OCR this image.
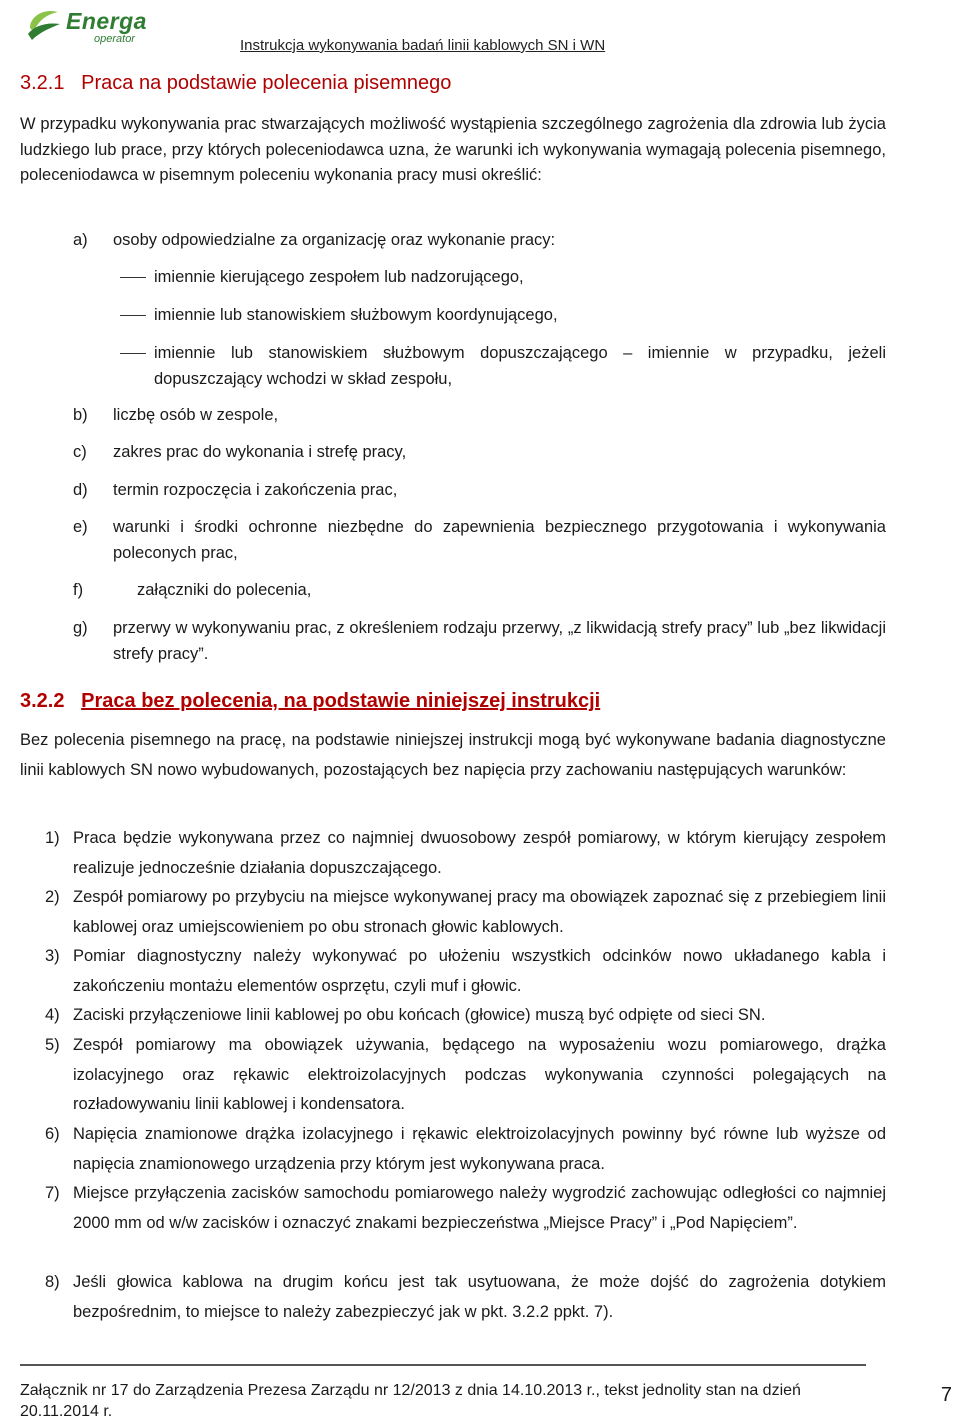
Energa
operator	Instrukcja wykonywania badań linii kablowych SN i WN
3.2.1 Praca na podstawie polecenia pisemnego

W przypadku wykonywania prac stwarzających możliwość wystąpienia szczególnego zagrożenia dla zdrowia lub życia ludzkiego lub prace, przy których poleceniodawca uzna, że warunki ich wykonywania wymagają polecenia pisemnego, poleceniodawca w pisemnym poleceniu wykonania pracy musi określić:

a) osoby odpowiedzialne za organizację oraz wykonanie pracy:
imiennie kierującego zespołem lub nadzorującego,
imiennie lub stanowiskiem służbowym koordynującego,
imiennie lub stanowiskiem służbowym dopuszczającego – imiennie w przypadku, jeżeli dopuszczający wchodzi w skład zespołu,
b) liczbę osób w zespole,
c) zakres prac do wykonania i strefę pracy,
d) termin rozpoczęcia i zakończenia prac,
e) warunki i środki ochronne niezbędne do zapewnienia bezpiecznego przygotowania i wykonywania poleconych prac,
f)	załączniki do polecenia,
g) przerwy w wykonywaniu prac, z określeniem rodzaju przerwy, „z likwidacją strefy pracy” lub „bez likwidacji strefy pracy”.
3.2.2 Praca bez polecenia, na podstawie niniejszej instrukcji

Bez polecenia pisemnego na pracę, na podstawie niniejszej instrukcji mogą być wykonywane badania diagnostyczne linii kablowych SN nowo wybudowanych, pozostających bez napięcia przy zachowaniu następujących warunków:

1) Praca będzie wykonywana przez co najmniej dwuosobowy zespół pomiarowy, w którym kierujący zespołem realizuje jednocześnie działania dopuszczającego.
2) Zespół pomiarowy po przybyciu na miejsce wykonywanej pracy ma obowiązek zapoznać się z przebiegiem linii kablowej oraz umiejscowieniem po obu stronach głowic kablowych.
3) Pomiar diagnostyczny należy wykonywać po ułożeniu wszystkich odcinków nowo układanego kabla i zakończeniu montażu elementów osprzętu, czyli muf i głowic.
4) Zaciski przyłączeniowe linii kablowej po obu końcach (głowice) muszą być odpięte od sieci SN.
5) Zespół pomiarowy ma obowiązek używania, będącego na wyposażeniu wozu pomiarowego, drążka izolacyjnego oraz rękawic elektroizolacyjnych podczas wykonywania czynności polegających na rozładowywaniu linii kablowej i kondensatora.
6) Napięcia znamionowe drążka izolacyjnego i rękawic elektroizolacyjnych powinny być równe lub wyższe od napięcia znamionowego urządzenia przy którym jest wykonywana praca.
7) Miejsce przyłączenia zacisków samochodu pomiarowego należy wygrodzić zachowując odległości co najmniej 2000 mm od w/w zacisków i oznaczyć znakami bezpieczeństwa „Miejsce Pracy” i „Pod Napięciem”.
8) Jeśli głowica kablowa na drugim końcu jest tak usytuowana, że może dojść do zagrożenia dotykiem bezpośrednim, to miejsce to należy zabezpieczyć jak w pkt. 3.2.2 ppkt. 7).
Załącznik nr 17 do Zarządzenia Prezesa Zarządu nr 12/2013 z dnia 14.10.2013 r., tekst jednolity stan na dzień 20.11.2014 r.
7
